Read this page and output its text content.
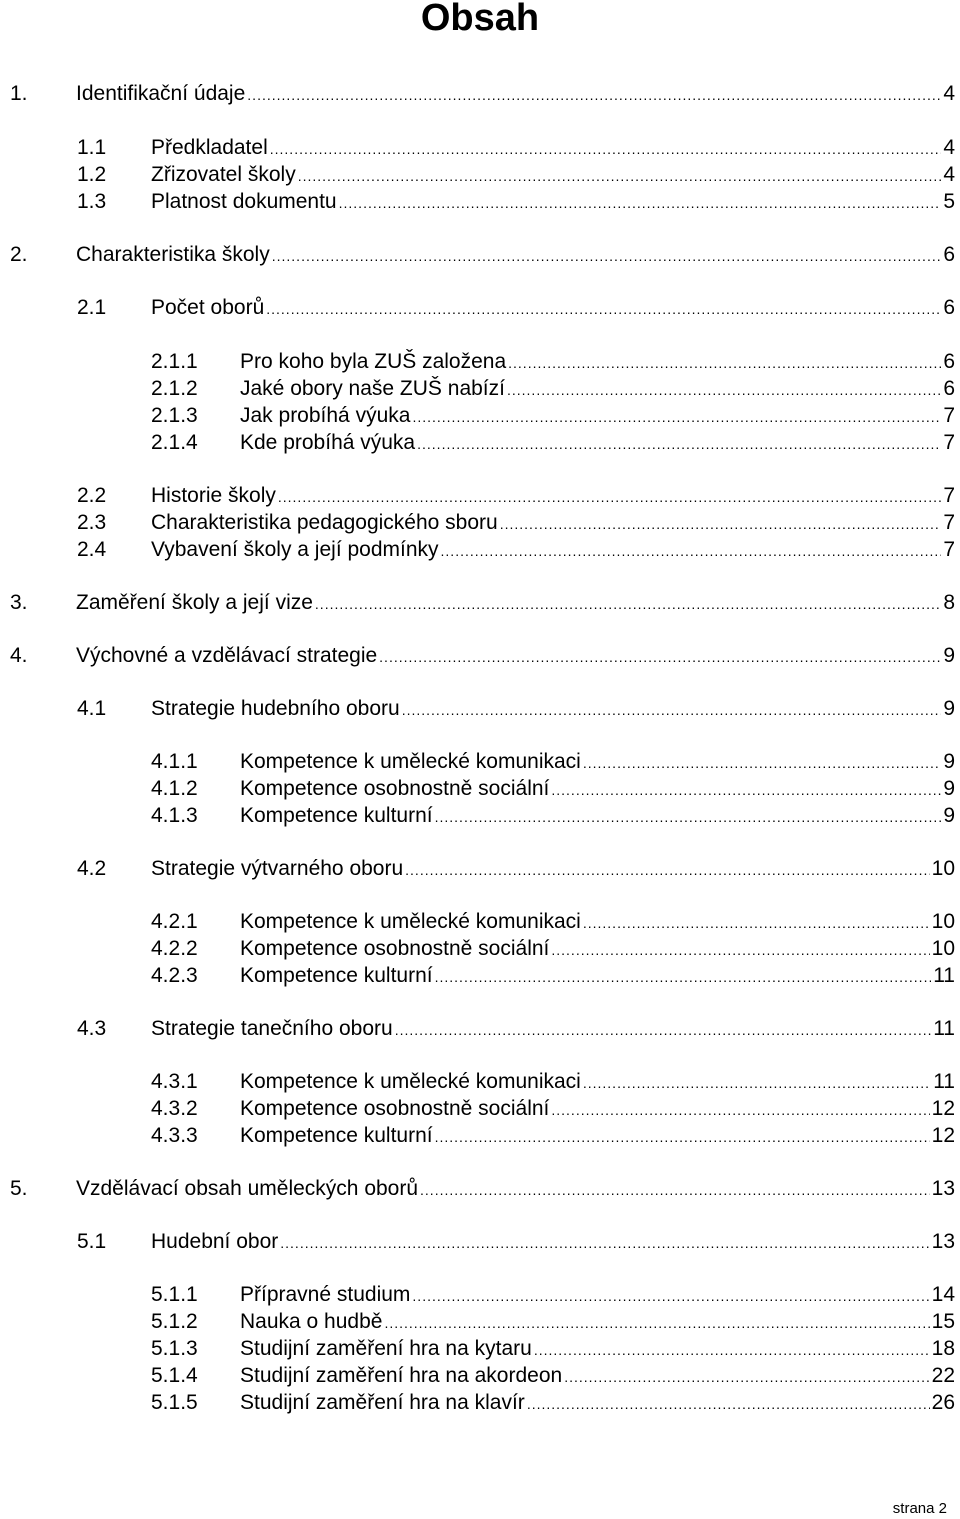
Obsah
1. Identifikační údaje .....	4
1.1 Předkladatel .....	4
1.2 Zřizovatel školy .....	4
1.3 Platnost dokumentu .....	5
2. Charakteristika školy .....	6
2.1 Počet oborů .....	6
2.1.1 Pro koho byla ZUŠ založena .....	6
2.1.2 Jaké obory naše ZUŠ nabízí .....	6
2.1.3 Jak probíhá výuka .....	7
2.1.4 Kde probíhá výuka .....	7
2.2 Historie školy .....	7
2.3 Charakteristika pedagogického sboru .....	7
2.4 Vybavení školy a její podmínky .....	7
3. Zaměření školy a její vize .....	8
4. Výchovné a vzdělávací strategie .....	9
4.1 Strategie hudebního oboru .....	9
4.1.1 Kompetence k umělecké komunikaci .....	9
4.1.2 Kompetence osobnostně sociální .....	9
4.1.3 Kompetence kulturní .....	9
4.2 Strategie výtvarného oboru .....	10
4.2.1 Kompetence k umělecké komunikaci .....	10
4.2.2 Kompetence osobnostně sociální .....	10
4.2.3 Kompetence kulturní .....	11
4.3 Strategie tanečního oboru .....	11
4.3.1 Kompetence k umělecké komunikaci .....	11
4.3.2 Kompetence osobnostně sociální .....	12
4.3.3 Kompetence kulturní .....	12
5. Vzdělávací obsah uměleckých oborů .....	13
5.1 Hudební obor .....	13
5.1.1 Přípravné studium .....	14
5.1.2 Nauka o hudbě .....	15
5.1.3 Studijní zaměření hra na kytaru .....	18
5.1.4 Studijní zaměření hra na akordeon .....	22
5.1.5 Studijní zaměření hra na klavír .....	26
strana 2
